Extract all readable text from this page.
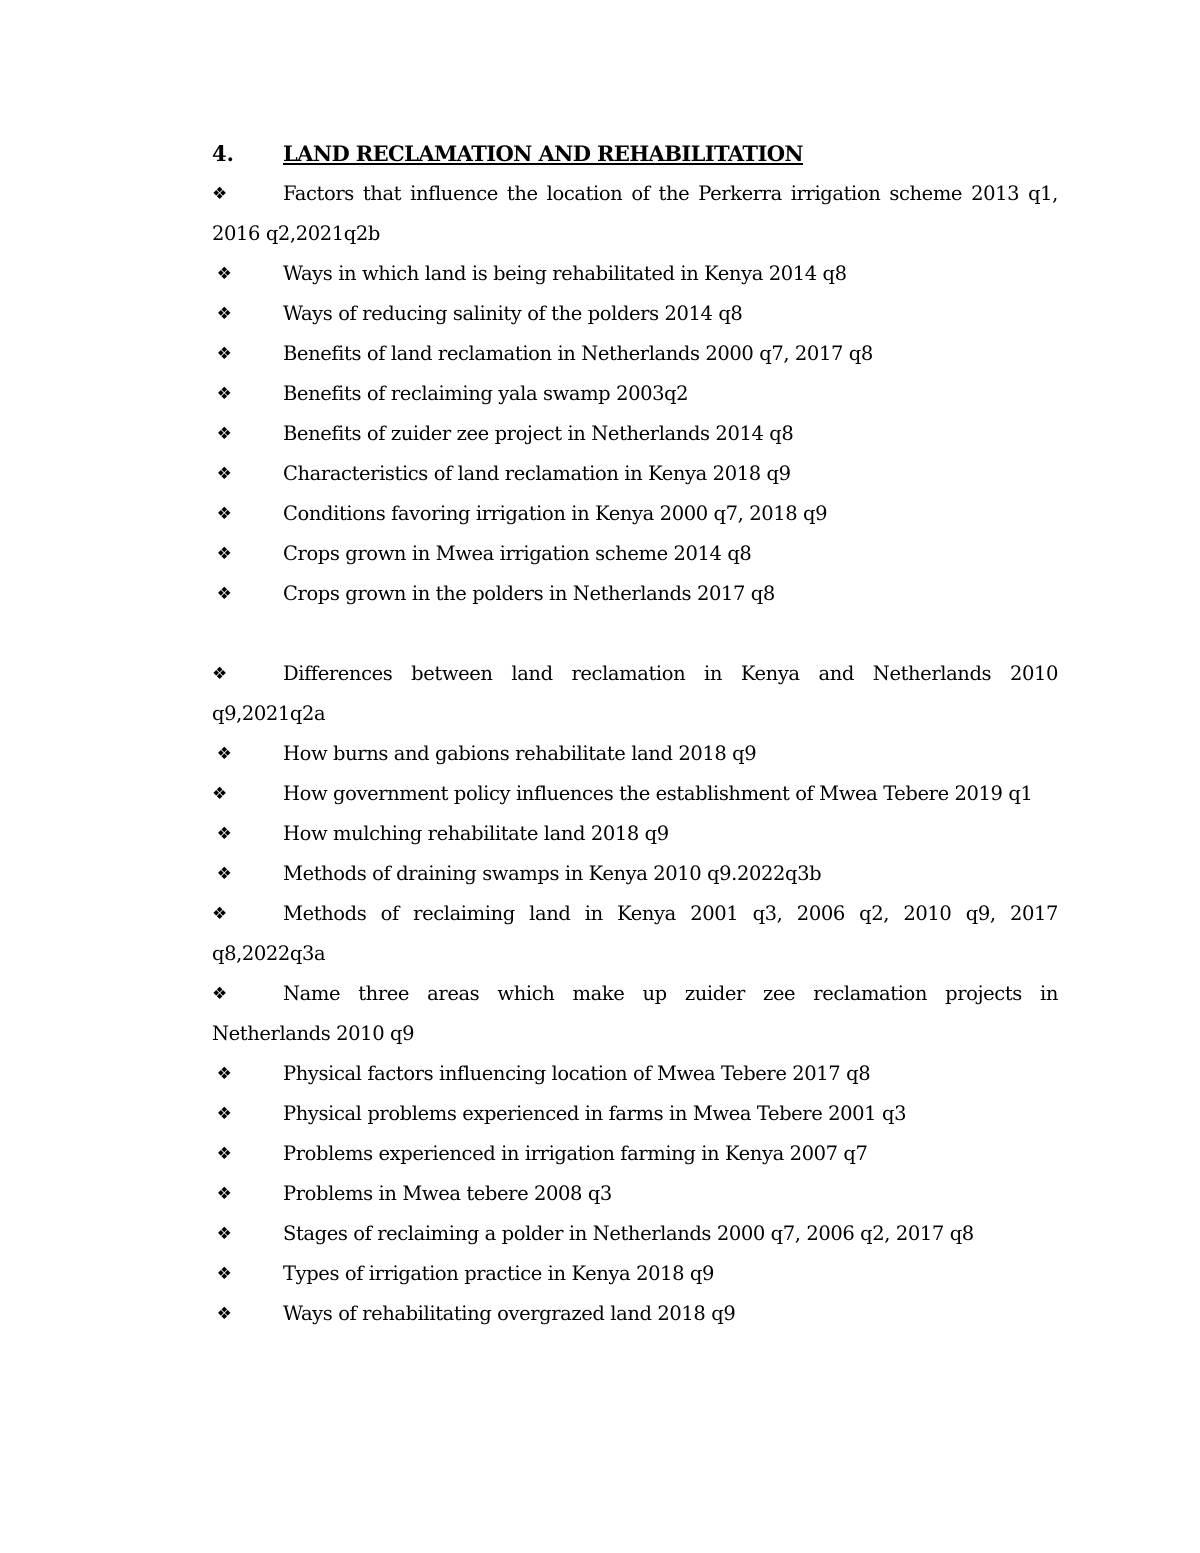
4.	LAND RECLAMATION AND REHABILITATION
❖	Factors that influence the location of the Perkerra irrigation scheme 2013 q1, 2016 q2,2021q2b
❖	Ways in which land is being rehabilitated in Kenya 2014 q8
❖	Ways of reducing salinity of the polders 2014 q8
❖	Benefits of land reclamation in Netherlands 2000 q7, 2017 q8
❖	Benefits of reclaiming yala swamp 2003q2
❖	Benefits of zuider zee project in Netherlands 2014 q8
❖	Characteristics of land reclamation in Kenya 2018 q9
❖	Conditions favoring irrigation in Kenya 2000 q7, 2018 q9
❖	Crops grown in Mwea irrigation scheme 2014 q8
❖	Crops grown in the polders in Netherlands 2017 q8
❖	Differences between land reclamation in Kenya and Netherlands 2010 q9,2021q2a
❖	How burns and gabions rehabilitate land 2018 q9
❖	How government policy influences the establishment of Mwea Tebere 2019 q1
❖	How mulching rehabilitate land 2018 q9
❖	Methods of draining swamps in Kenya 2010 q9.2022q3b
❖	Methods of reclaiming land in Kenya 2001 q3, 2006 q2, 2010 q9, 2017 q8,2022q3a
❖	Name three areas which make up zuider zee reclamation projects in Netherlands 2010 q9
❖	Physical factors influencing location of Mwea Tebere 2017 q8
❖	Physical problems experienced in farms in Mwea Tebere 2001 q3
❖	Problems experienced in irrigation farming in Kenya 2007 q7
❖	Problems in Mwea tebere 2008 q3
❖	Stages of reclaiming a polder in Netherlands 2000 q7, 2006 q2, 2017 q8
❖	Types of irrigation practice in Kenya 2018 q9
❖	Ways of rehabilitating overgrazed land 2018 q9
